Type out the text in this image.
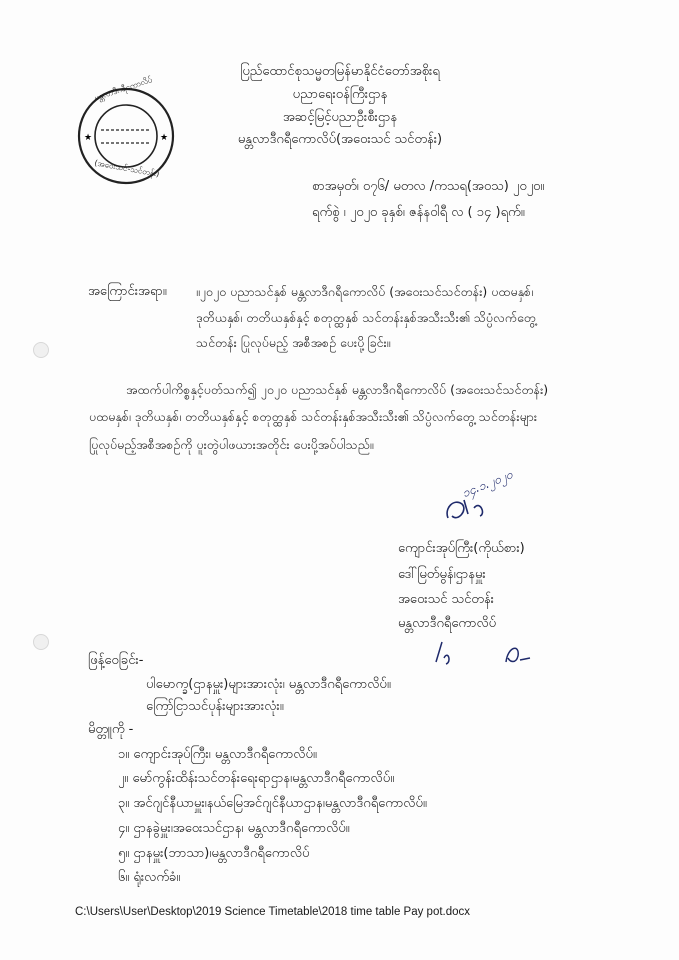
★	★
မန္တလာဒီဂရီကောလိပ်
(အဝေးသင်-သင်တန်း)
ပြည်ထောင်စုသမ္မတမြန်မာနိုင်ငံတော်အစိုးရ
ပညာရေးဝန်ကြီးဌာန
အဆင့်မြင့်ပညာဦးစီးဌာန
မန္တလာဒီဂရီကောလိပ်(အဝေးသင် သင်တန်း)
စာအမှတ်၊ ၀၇၆/ မတလ /ကသရ(အဝသ) ၂၀၂၀။
ရက်စွဲ ၊ ၂၀၂၀ ခုနှစ်၊ ဇန်နဝါရီ လ ( ၁၄ )ရက်။
အကြောင်းအရာ။ ။၂၀၂၀ ပညာသင်နှစ် မန္တလာဒီဂရီကောလိပ် (အဝေးသင်သင်တန်း) ပထမနှစ်၊
ဒုတိယနှစ်၊ တတိယနှစ်နှင့် စတုတ္ထနှစ် သင်တန်းနှစ်အသီးသီး၏ သိပ္ပံလက်တွေ့
သင်တန်း ပြုလုပ်မည့် အစီအစဉ် ပေးပို့ခြင်း။
အထက်ပါကိစ္စနှင့်ပတ်သက်၍ ၂၀၂၀ ပညာသင်နှစ် မန္တလာဒီဂရီကောလိပ် (အဝေးသင်သင်တန်း)
ပထမနှစ်၊ ဒုတိယနှစ်၊ တတိယနှစ်နှင့် စတုတ္ထနှစ် သင်တန်းနှစ်အသီးသီး၏ သိပ္ပံလက်တွေ့ သင်တန်းများ
ပြုလုပ်မည့်အစီအစဉ်ကို ပူးတွဲပါဖယားအတိုင်း ပေးပို့အပ်ပါသည်။
၁၄.၁.၂၀၂၀
ကျောင်းအုပ်ကြီး(ကိုယ်စား)
ဒေါ်မြတ်မွန်၊ဌာနမှူး
အဝေးသင် သင်တန်း
မန္တလာဒီဂရီကောလိပ်
ဖြန့်ဝေခြင်း-
ပါမောက္ခ(ဌာနမှူး)များအားလုံး၊ မန္တလာဒီဂရီကောလိပ်။
ကြော်ငြာသင်ပုန်းများအားလုံး။
မိတ္တူကို -
၁။ ကျောင်းအုပ်ကြီး၊ မန္တလာဒီဂရီကောလိပ်။
၂။ မော်ကွန်းထိန်းသင်တန်းရေးရာဌာန၊မန္တလာဒီဂရီကောလိပ်။
၃။ အင်ဂျင်နီယာမှူး၊နယ်မြေအင်ဂျင်နီယာဌာန၊မန္တလာဒီဂရီကောလိပ်။
၄။ ဌာနခွဲမှူး၊အဝေးသင်ဌာန၊ မန္တလာဒီဂရီကောလိပ်။
၅။ ဌာနမှူး(ဘာသာ)၊မန္တလာဒီဂရီကောလိပ်
၆။ ရုံးလက်ခံ။
C:\Users\User\Desktop\2019 Science Timetable\2018 time table Pay pot.docx
